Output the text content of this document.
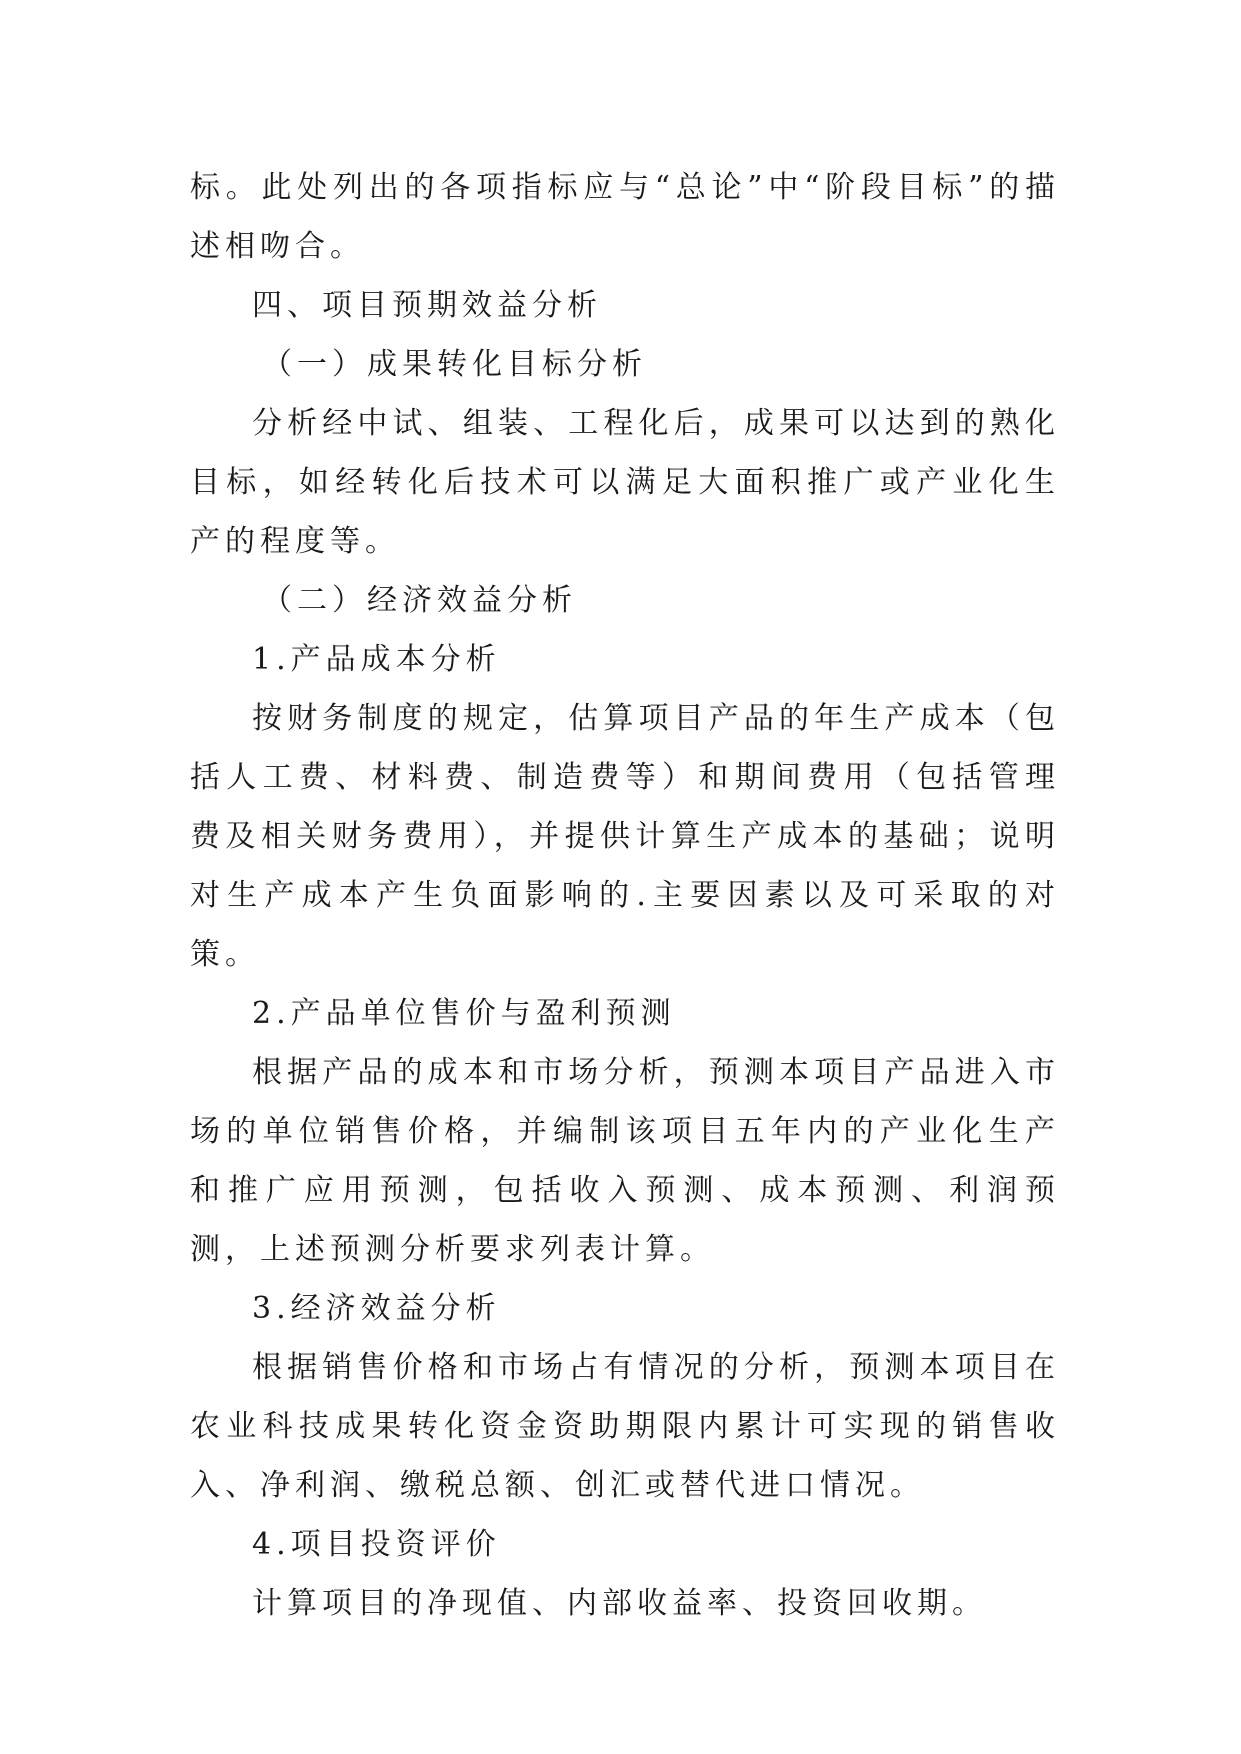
标。此处列出的各项指标应与“总论”中“阶段目标”的描述相吻合。

四、项目预期效益分析

（一）成果转化目标分析

分析经中试、组装、工程化后，成果可以达到的熟化目标，如经转化后技术可以满足大面积推广或产业化生产的程度等。

（二）经济效益分析

1.产品成本分析

按财务制度的规定，估算项目产品的年生产成本（包括人工费、材料费、制造费等）和期间费用（包括管理费及相关财务费用），并提供计算生产成本的基础；说明对生产成本产生负面影响的.主要因素以及可采取的对策。

2.产品单位售价与盈利预测

根据产品的成本和市场分析，预测本项目产品进入市场的单位销售价格，并编制该项目五年内的产业化生产和推广应用预测，包括收入预测、成本预测、利润预测，上述预测分析要求列表计算。

3.经济效益分析

根据销售价格和市场占有情况的分析，预测本项目在农业科技成果转化资金资助期限内累计可实现的销售收入、净利润、缴税总额、创汇或替代进口情况。

4.项目投资评价

计算项目的净现值、内部收益率、投资回收期。
